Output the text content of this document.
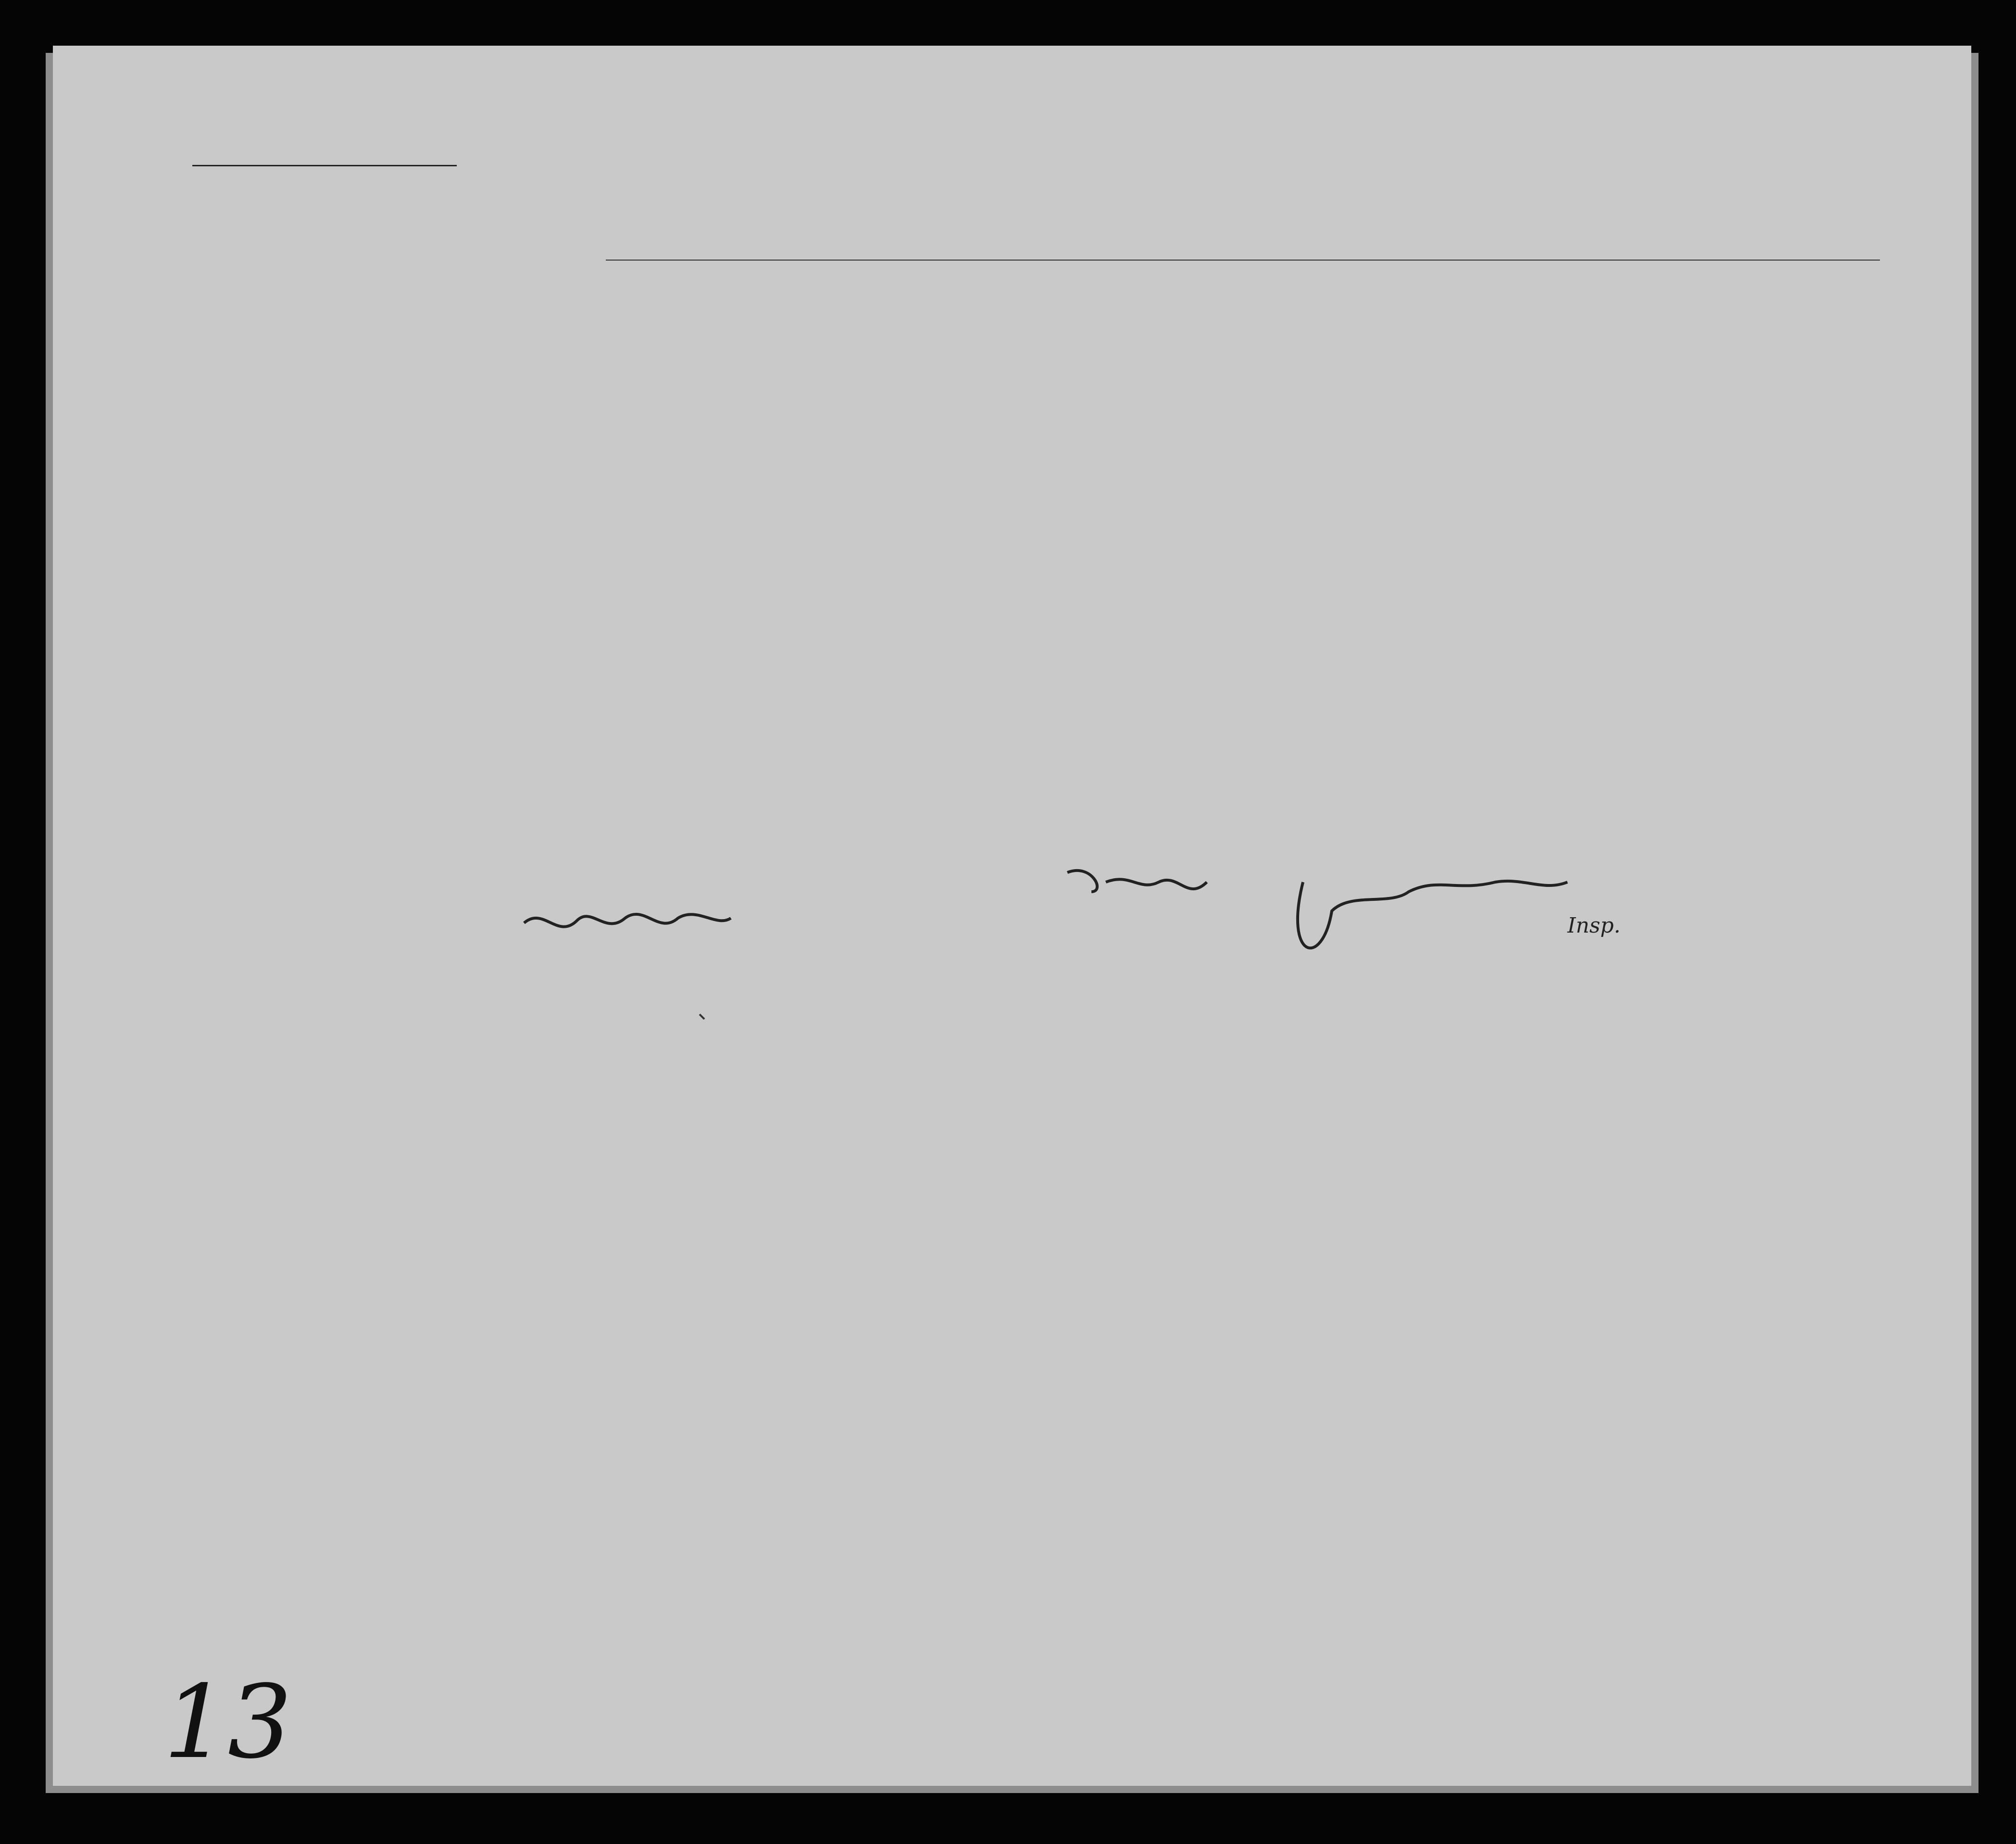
Insp.
13
